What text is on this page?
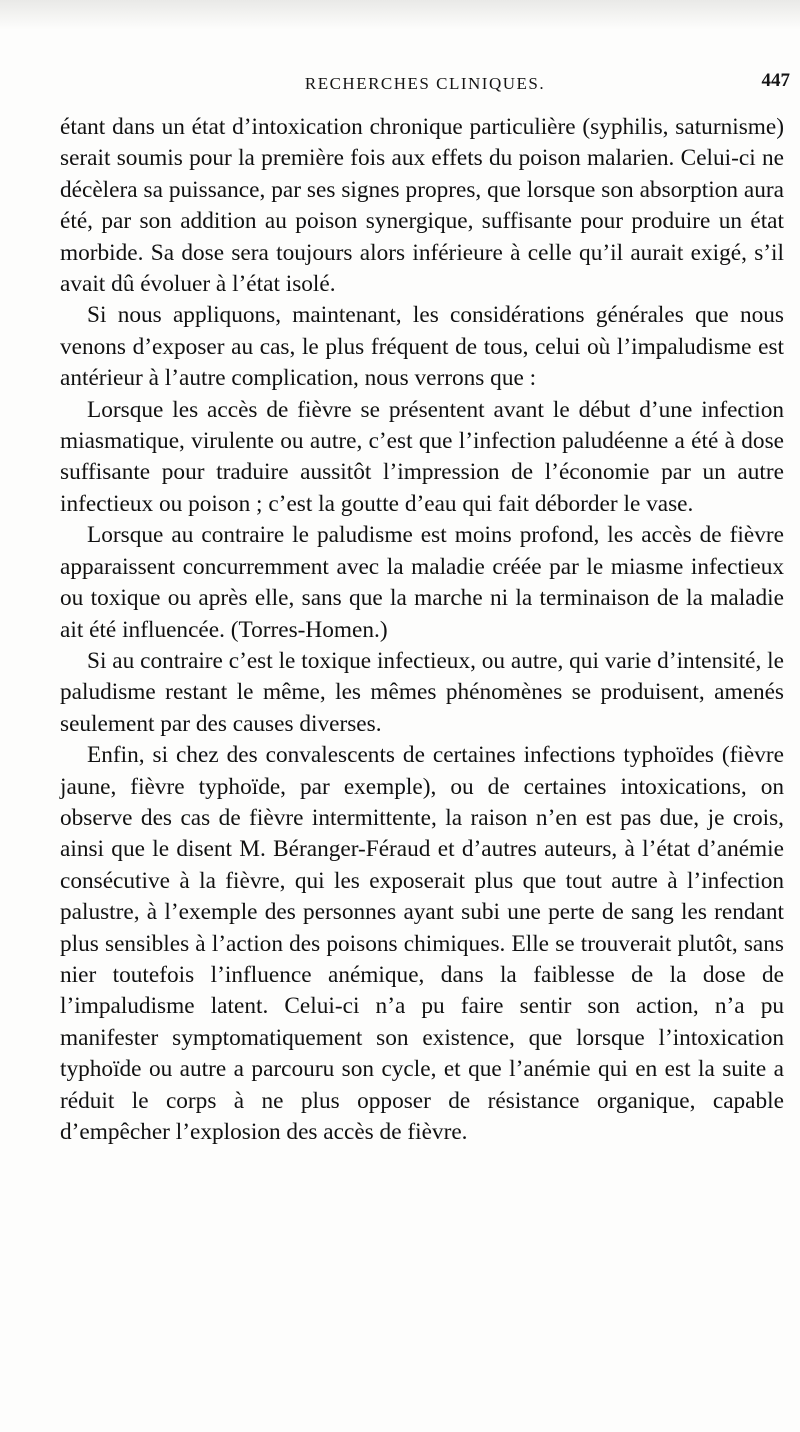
RECHERCHES CLINIQUES.	447

étant dans un état d’intoxication chronique particulière (syphilis, saturnisme) serait soumis pour la première fois aux effets du poison malarien. Celui-ci ne décèlera sa puissance, par ses signes propres, que lorsque son absorption aura été, par son addition au poison synergique, suffisante pour produire un état morbide. Sa dose sera toujours alors inférieure à celle qu’il aurait exigé, s’il avait dû évoluer à l’état isolé.

Si nous appliquons, maintenant, les considérations générales que nous venons d’exposer au cas, le plus fréquent de tous, celui où l’impaludisme est antérieur à l’autre complication, nous verrons que :

Lorsque les accès de fièvre se présentent avant le début d’une infection miasmatique, virulente ou autre, c’est que l’infection paludéenne a été à dose suffisante pour traduire aussitôt l’impression de l’économie par un autre infectieux ou poison ; c’est la goutte d’eau qui fait déborder le vase.

Lorsque au contraire le paludisme est moins profond, les accès de fièvre apparaissent concurremment avec la maladie créée par le miasme infectieux ou toxique ou après elle, sans que la marche ni la terminaison de la maladie ait été influencée. (Torres-Homen.)

Si au contraire c’est le toxique infectieux, ou autre, qui varie d’intensité, le paludisme restant le même, les mêmes phénomènes se produisent, amenés seulement par des causes diverses.

Enfin, si chez des convalescents de certaines infections typhoïdes (fièvre jaune, fièvre typhoïde, par exemple), ou de certaines intoxications, on observe des cas de fièvre intermittente, la raison n’en est pas due, je crois, ainsi que le disent M. Béranger-Féraud et d’autres auteurs, à l’état d’anémie consécutive à la fièvre, qui les exposerait plus que tout autre à l’infection palustre, à l’exemple des personnes ayant subi une perte de sang les rendant plus sensibles à l’action des poisons chimiques. Elle se trouverait plutôt, sans nier toutefois l’influence anémique, dans la faiblesse de la dose de l’impaludisme latent. Celui-ci n’a pu faire sentir son action, n’a pu manifester symptomatiquement son existence, que lorsque l’intoxication typhoïde ou autre a parcouru son cycle, et que l’anémie qui en est la suite a réduit le corps à ne plus opposer de résistance organique, capable d’empêcher l’explosion des accès de fièvre.
